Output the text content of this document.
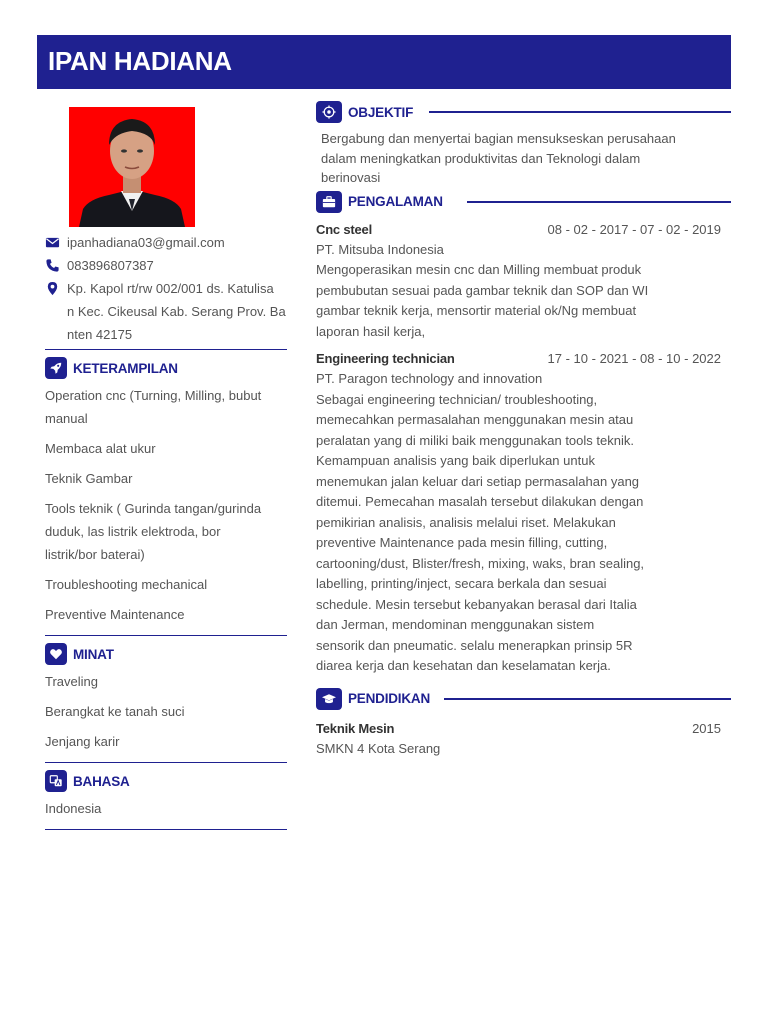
IPAN HADIANA
ipanhadiana03@gmail.com
083896807387
Kp. Kapol rt/rw 002/001 ds. Katulisa
n Kec. Cikeusal Kab. Serang Prov. Ba
nten 42175
KETERAMPILAN
Operation cnc (Turning, Milling, bubut
manual
Membaca alat ukur
Teknik Gambar
Tools teknik ( Gurinda tangan/gurinda
duduk, las listrik elektroda, bor
listrik/bor baterai)
Troubleshooting mechanical
Preventive Maintenance
MINAT
Traveling
Berangkat ke tanah suci
Jenjang karir
BAHASA
Indonesia
OBJEKTIF
Bergabung dan menyertai bagian mensukseskan perusahaan
dalam meningkatkan produktivitas dan Teknologi dalam
berinovasi
PENGALAMAN
Cnc steel	08 - 02 - 2017 - 07 - 02 - 2019
PT. Mitsuba Indonesia
Mengoperasikan mesin cnc dan Milling membuat produk
pembubutan sesuai pada gambar teknik dan SOP dan WI
gambar teknik kerja, mensortir material ok/Ng membuat
laporan hasil kerja,
Engineering technician	17 - 10 - 2021 - 08 - 10 - 2022
PT. Paragon technology and innovation
Sebagai engineering technician/ troubleshooting,
memecahkan permasalahan menggunakan mesin atau
peralatan yang di miliki baik menggunakan tools teknik.
Kemampuan analisis yang baik diperlukan untuk
menemukan jalan keluar dari setiap permasalahan yang
ditemui. Pemecahan masalah tersebut dilakukan dengan
pemikirian analisis, analisis melalui riset. Melakukan
preventive Maintenance pada mesin filling, cutting,
cartooning/dust, Blister/fresh, mixing, waks, bran sealing,
labelling, printing/inject, secara berkala dan sesuai
schedule. Mesin tersebut kebanyakan berasal dari Italia
dan Jerman, mendominan menggunakan sistem
sensorik dan pneumatic. selalu menerapkan prinsip 5R
diarea kerja dan kesehatan dan keselamatan kerja.
PENDIDIKAN
Teknik Mesin	2015
SMKN 4 Kota Serang
